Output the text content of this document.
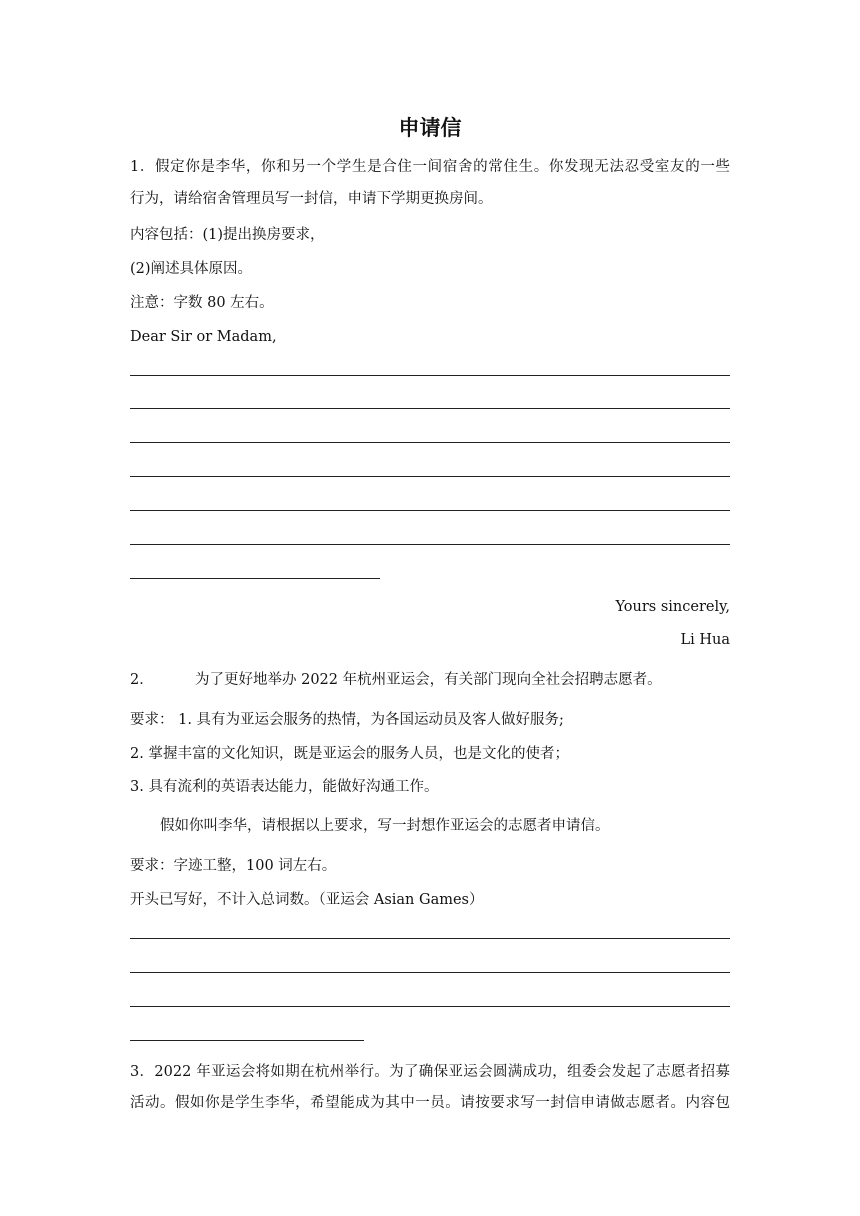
申请信
1．假定你是李华，你和另一个学生是合住一间宿舍的常住生。你发现无法忍受室友的一些
行为，请给宿舍管理员写一封信，申请下学期更换房间。
内容包括：(1)提出换房要求，
(2)阐述具体原因。
注意：字数 80 左右。
Dear Sir or Madam,
Yours sincerely,
Li Hua
2．	为了更好地举办 2022 年杭州亚运会，有关部门现向全社会招聘志愿者。
要求： 1. 具有为亚运会服务的热情，为各国运动员及客人做好服务;
2. 掌握丰富的文化知识，既是亚运会的服务人员，也是文化的使者；
3. 具有流利的英语表达能力，能做好沟通工作。
假如你叫李华，请根据以上要求，写一封想作亚运会的志愿者申请信。
要求：字迹工整，100 词左右。
开头已写好，不计入总词数。（亚运会 Asian Games）
3．2022 年亚运会将如期在杭州举行。为了确保亚运会圆满成功，组委会发起了志愿者招募
活动。假如你是学生李华，希望能成为其中一员。请按要求写一封信申请做志愿者。内容包
